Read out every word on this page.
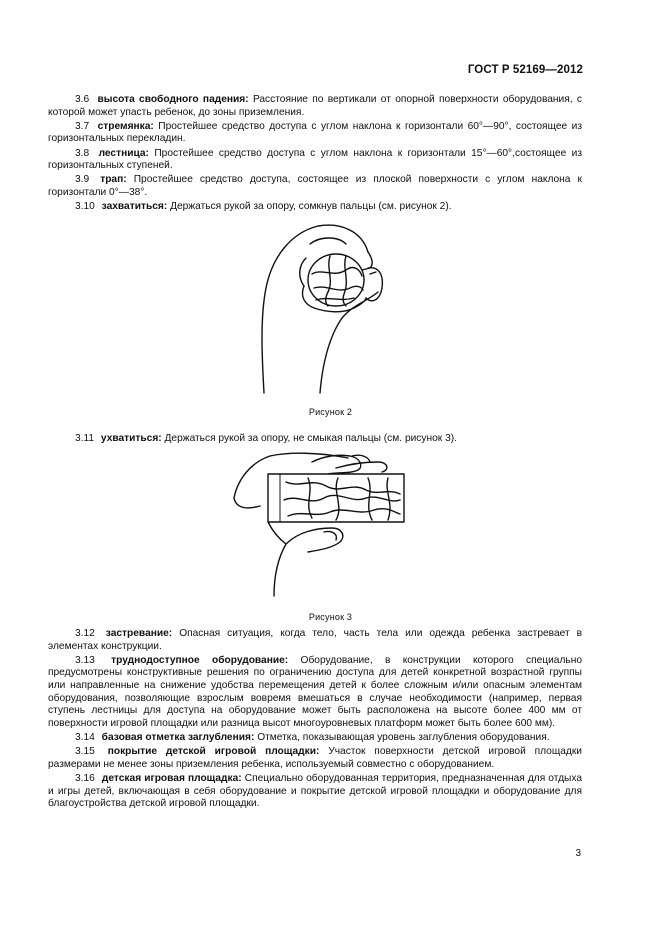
ГОСТ Р 52169—2012

3.6 высота свободного падения: Расстояние по вертикали от опорной поверхности оборудования, с которой может упасть ребенок, до зоны приземления.

3.7 стремянка: Простейшее средство доступа с углом наклона к горизонтали 60°—90°, состоящее из горизонтальных перекладин.

3.8 лестница: Простейшее средство доступа с углом наклона к горизонтали 15°—60°,состоящее из горизонтальных ступеней.

3.9 трап: Простейшее средство доступа, состоящее из плоской поверхности с углом наклона к горизонтали 0°—38°.

3.10 захватиться: Держаться рукой за опору, сомкнув пальцы (см. рисунок 2).

Рисунок 2

3.11 ухватиться: Держаться рукой за опору, не смыкая пальцы (см. рисунок 3).

Рисунок 3

3.12 застревание: Опасная ситуация, когда тело, часть тела или одежда ребенка застревает в элементах конструкции.

3.13 труднодоступное оборудование: Оборудование, в конструкции которого специально предусмотрены конструктивные решения по ограничению доступа для детей конкретной возрастной группы или направленные на снижение удобства перемещения детей к более сложным и/или опасным элементам оборудования, позволяющие взрослым вовремя вмешаться в случае необходимости (например, первая ступень лестницы для доступа на оборудование может быть расположена на высоте более 400 мм от поверхности игровой площадки или разница высот многоуровневых платформ может быть более 600 мм).

3.14 базовая отметка заглубления: Отметка, показывающая уровень заглубления оборудования.

3.15 покрытие детской игровой площадки: Участок поверхности детской игровой площадки размерами не менее зоны приземления ребенка, используемый совместно с оборудованием.

3.16 детская игровая площадка: Специально оборудованная территория, предназначенная для отдыха и игры детей, включающая в себя оборудование и покрытие детской игровой площадки и оборудование для благоустройства детской игровой площадки.

3
